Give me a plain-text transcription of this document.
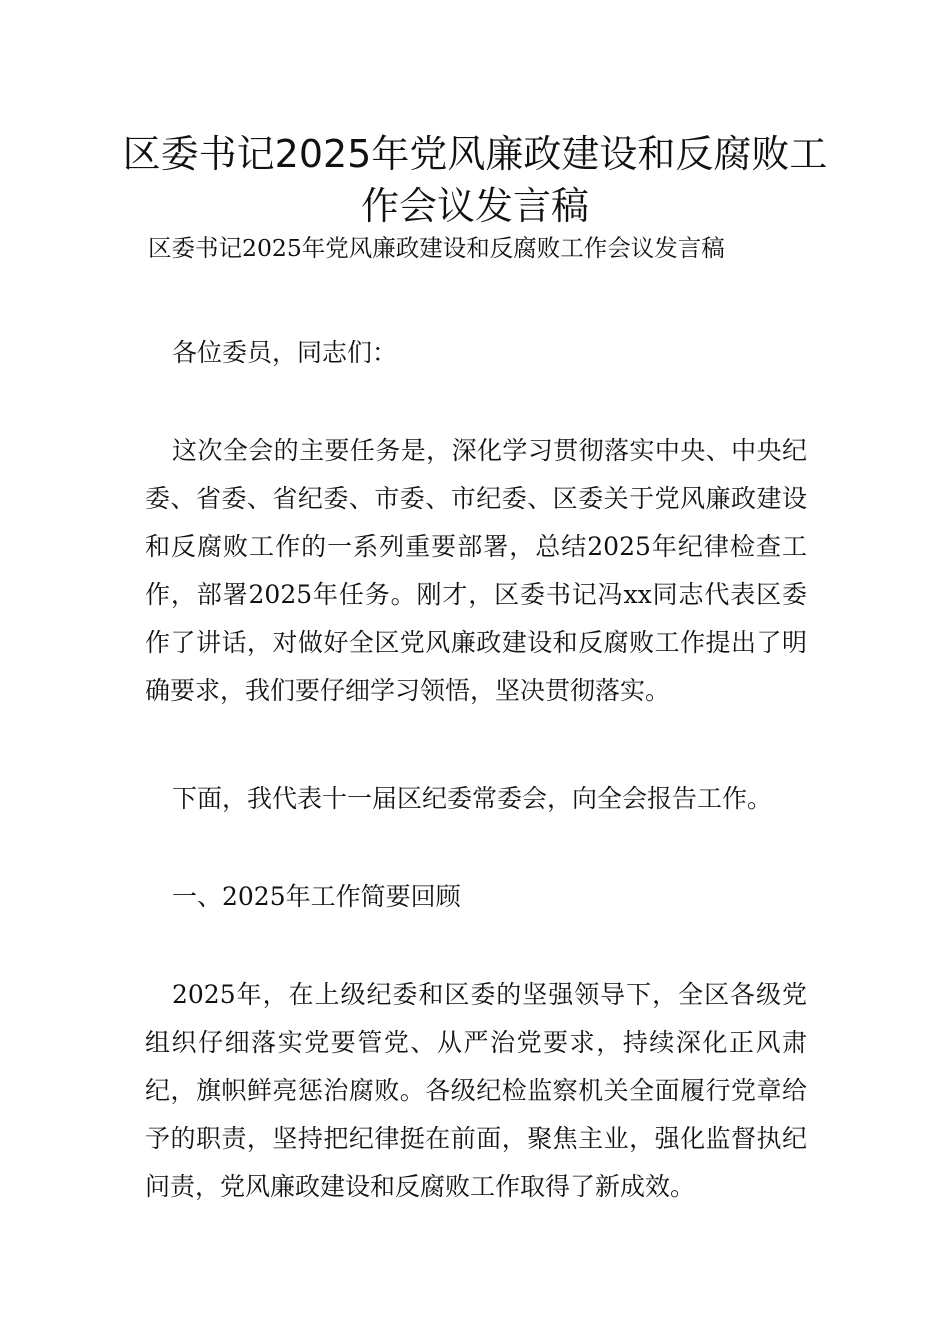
区委书记2025年党风廉政建设和反腐败工作会议发言稿

区委书记2025年党风廉政建设和反腐败工作会议发言稿

各位委员，同志们：

这次全会的主要任务是，深化学习贯彻落实中央、中央纪委、省委、省纪委、市委、市纪委、区委关于党风廉政建设和反腐败工作的一系列重要部署，总结2025年纪律检查工作，部署2025年任务。刚才，区委书记冯xx同志代表区委作了讲话，对做好全区党风廉政建设和反腐败工作提出了明确要求，我们要仔细学习领悟，坚决贯彻落实。

下面，我代表十一届区纪委常委会，向全会报告工作。

一、2025年工作简要回顾

2025年，在上级纪委和区委的坚强领导下，全区各级党组织仔细落实党要管党、从严治党要求，持续深化正风肃纪，旗帜鲜亮惩治腐败。各级纪检监察机关全面履行党章给予的职责，坚持把纪律挺在前面，聚焦主业，强化监督执纪问责，党风廉政建设和反腐败工作取得了新成效。
